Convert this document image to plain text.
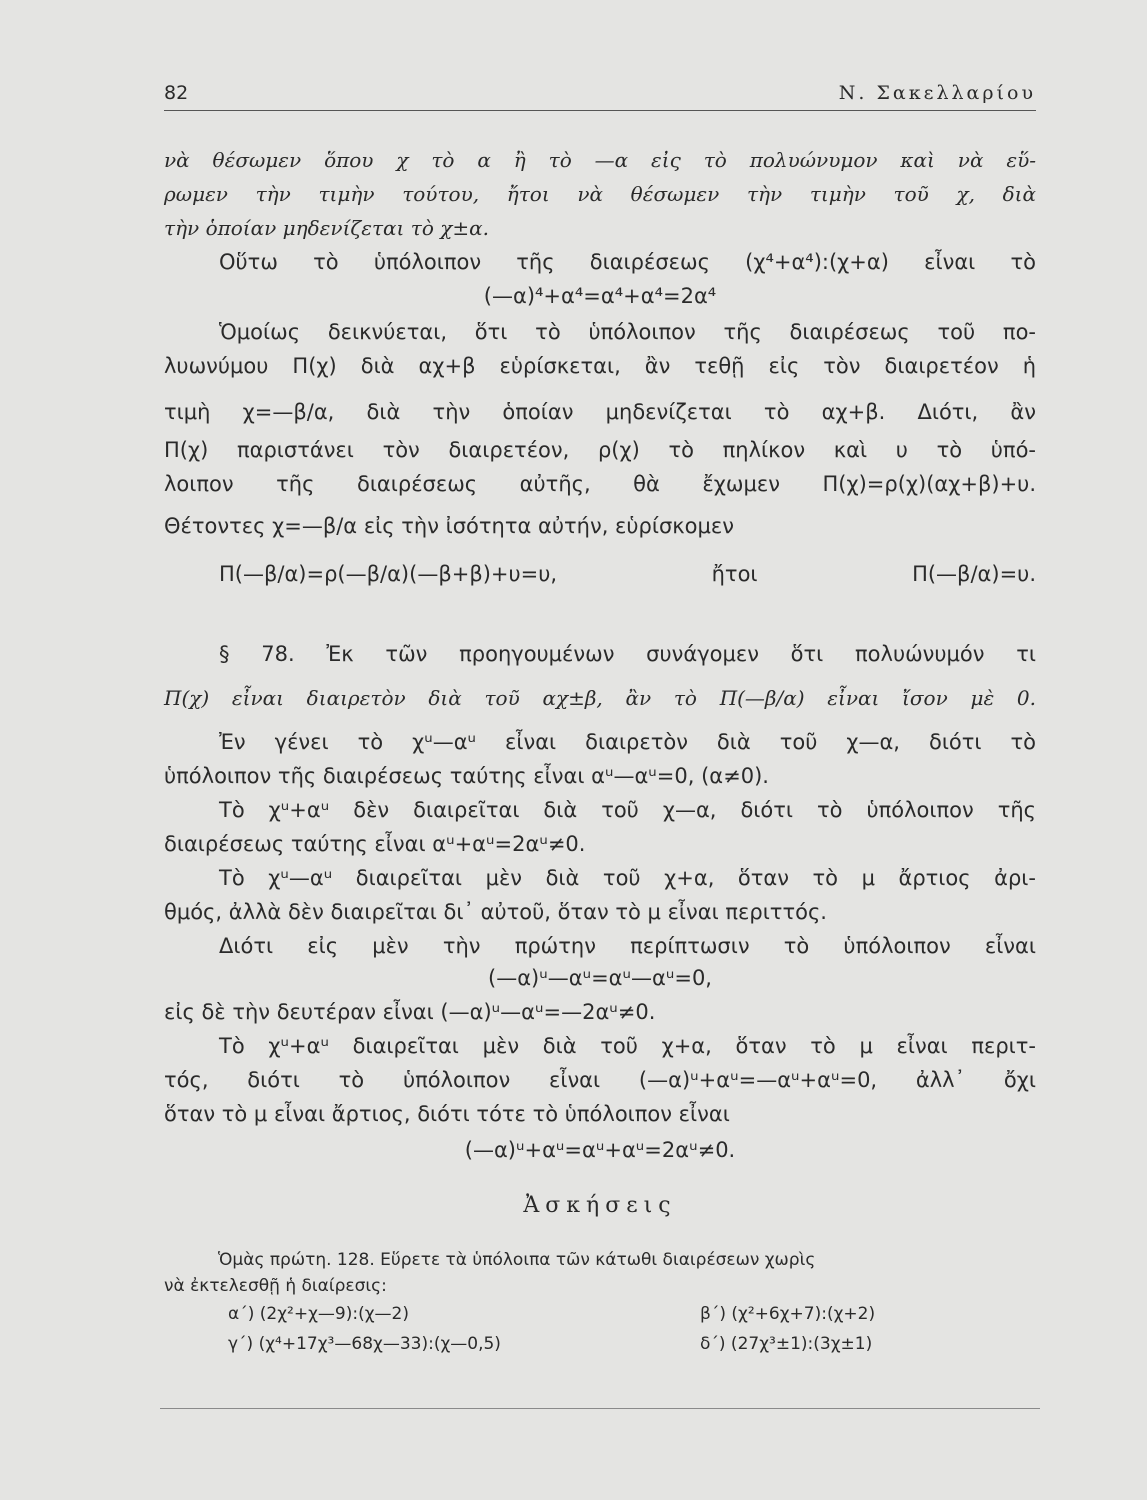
82	Ν. Σακελλαρίου
νὰ θέσωμεν ὅπου χ τὸ α ἢ τὸ —α εἰς τὸ πολυώνυμον καὶ νὰ εὕ-
ρωμεν τὴν τιμὴν τούτου, ἤτοι νὰ θέσωμεν τὴν τιμὴν τοῦ χ, διὰ
τὴν ὁποίαν μηδενίζεται τὸ χ±α.
Οὕτω τὸ ὑπόλοιπον τῆς διαιρέσεως (χ⁴+α⁴):(χ+α) εἶναι τὸ
(—α)⁴+α⁴=α⁴+α⁴=2α⁴
Ὁμοίως δεικνύεται, ὅτι τὸ ὑπόλοιπον τῆς διαιρέσεως τοῦ πο-
λυωνύμου Π(χ) διὰ αχ+β εὑρίσκεται, ἂν τεθῇ εἰς τὸν διαιρετέον ἡ
τιμὴ χ=—β/α, διὰ τὴν ὁποίαν μηδενίζεται τὸ αχ+β. Διότι, ἂν
Π(χ) παριστάνει τὸν διαιρετέον, ρ(χ) τὸ πηλίκον καὶ υ τὸ ὑπό-
λοιπον τῆς διαιρέσεως αὐτῆς, θὰ ἔχωμεν Π(χ)=ρ(χ)(αχ+β)+υ.
Θέτοντες χ=—β/α εἰς τὴν ἰσότητα αὐτήν, εὑρίσκομεν
Π(—β/α)=ρ(—β/α)(—β+β)+υ=υ, ἤτοι Π(—β/α)=υ.
§ 78. Ἐκ τῶν προηγουμένων συνάγομεν ὅτι πολυώνυμόν τι
Π(χ) εἶναι διαιρετὸν διὰ τοῦ αχ±β, ἂν τὸ Π(—β/α) εἶναι ἴσον μὲ 0.
Ἐν γένει τὸ χᵘ—αᵘ εἶναι διαιρετὸν διὰ τοῦ χ—α, διότι τὸ
ὑπόλοιπον τῆς διαιρέσεως ταύτης εἶναι αᵘ—αᵘ=0, (α≠0).
Τὸ χᵘ+αᵘ δὲν διαιρεῖται διὰ τοῦ χ—α, διότι τὸ ὑπόλοιπον τῆς
διαιρέσεως ταύτης εἶναι αᵘ+αᵘ=2αᵘ≠0.
Τὸ χᵘ—αᵘ διαιρεῖται μὲν διὰ τοῦ χ+α, ὅταν τὸ μ ἄρτιος ἀρι-
θμός, ἀλλὰ δὲν διαιρεῖται δι᾽ αὐτοῦ, ὅταν τὸ μ εἶναι περιττός.
Διότι εἰς μὲν τὴν πρώτην περίπτωσιν τὸ ὑπόλοιπον εἶναι
(—α)ᵘ—αᵘ=αᵘ—αᵘ=0,
εἰς δὲ τὴν δευτέραν εἶναι (—α)ᵘ—αᵘ=—2αᵘ≠0.
Τὸ χᵘ+αᵘ διαιρεῖται μὲν διὰ τοῦ χ+α, ὅταν τὸ μ εἶναι περιτ-
τός, διότι τὸ ὑπόλοιπον εἶναι (—α)ᵘ+αᵘ=—αᵘ+αᵘ=0, ἀλλ᾽ ὄχι
ὅταν τὸ μ εἶναι ἄρτιος, διότι τότε τὸ ὑπόλοιπον εἶναι
(—α)ᵘ+αᵘ=αᵘ+αᵘ=2αᵘ≠0.
Ἀσκήσεις
Ὁμὰς πρώτη. 128. Εὕρετε τὰ ὑπόλοιπα τῶν κάτωθι διαιρέσεων χωρὶς
νὰ ἐκτελεσθῇ ἡ διαίρεσις:
α΄) (2χ²+χ—9):(χ—2)	β΄) (χ²+6χ+7):(χ+2)
γ΄) (χ⁴+17χ³—68χ—33):(χ—0,5)	δ΄) (27χ³±1):(3χ±1)
